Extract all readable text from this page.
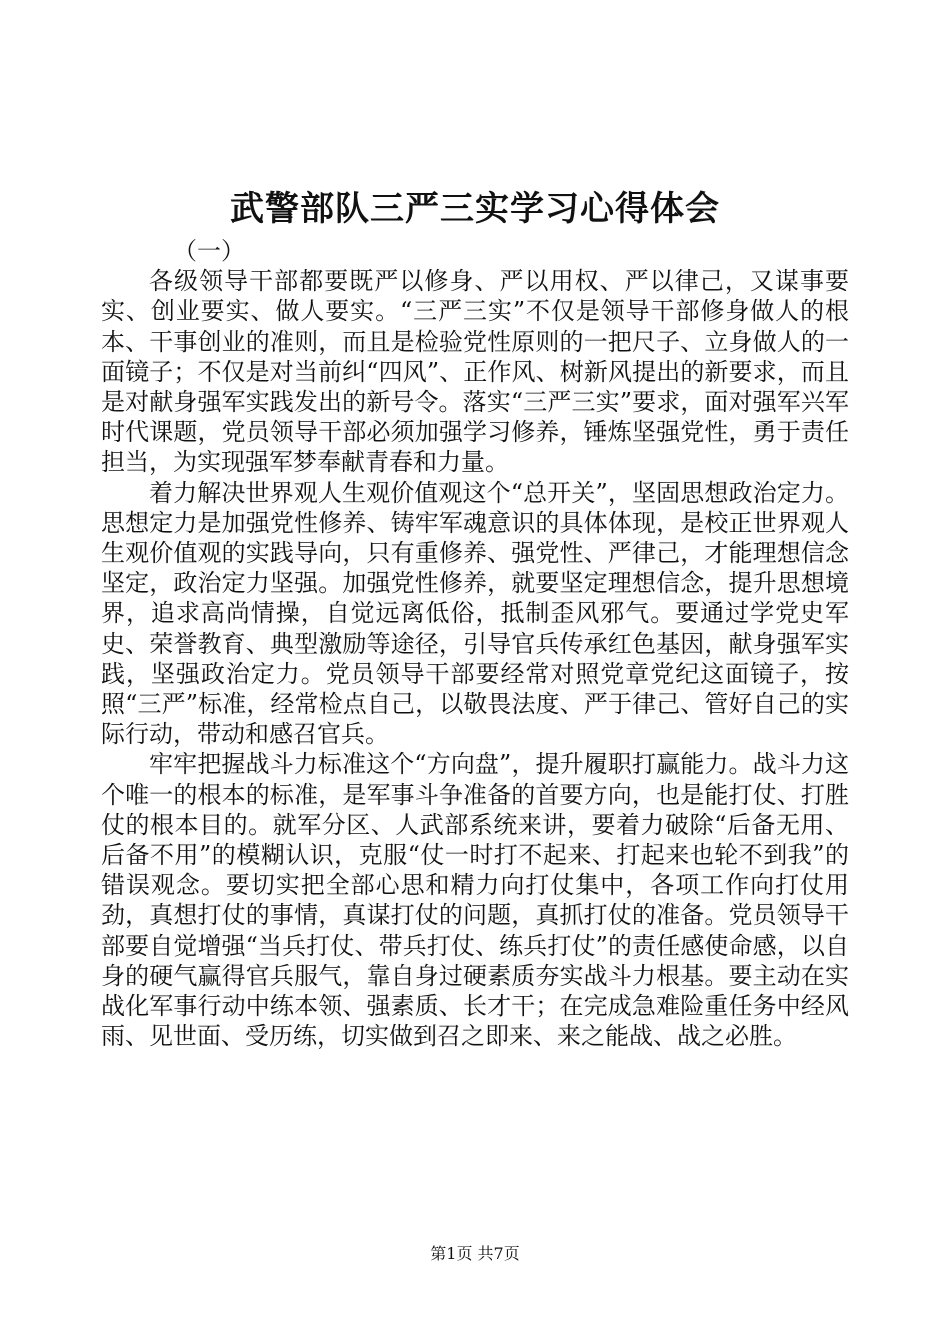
武警部队三严三实学习心得体会

（一）

各级领导干部都要既严以修身、严以用权、严以律己，又谋事要实、创业要实、做人要实。“三严三实”不仅是领导干部修身做人的根本、干事创业的准则，而且是检验党性原则的一把尺子、立身做人的一面镜子；不仅是对当前纠“四风”、正作风、树新风提出的新要求，而且是对献身强军实践发出的新号令。落实“三严三实”要求，面对强军兴军时代课题，党员领导干部必须加强学习修养，锤炼坚强党性，勇于责任担当，为实现强军梦奉献青春和力量。

着力解决世界观人生观价值观这个“总开关”，坚固思想政治定力。思想定力是加强党性修养、铸牢军魂意识的具体体现，是校正世界观人生观价值观的实践导向，只有重修养、强党性、严律己，才能理想信念坚定，政治定力坚强。加强党性修养，就要坚定理想信念，提升思想境界，追求高尚情操，自觉远离低俗，抵制歪风邪气。要通过学党史军史、荣誉教育、典型激励等途径，引导官兵传承红色基因，献身强军实践，坚强政治定力。党员领导干部要经常对照党章党纪这面镜子，按照“三严”标准，经常检点自己，以敬畏法度、严于律己、管好自己的实际行动，带动和感召官兵。

牢牢把握战斗力标准这个“方向盘”，提升履职打赢能力。战斗力这个唯一的根本的标准，是军事斗争准备的首要方向，也是能打仗、打胜仗的根本目的。就军分区、人武部系统来讲，要着力破除“后备无用、后备不用”的模糊认识，克服“仗一时打不起来、打起来也轮不到我”的错误观念。要切实把全部心思和精力向打仗集中，各项工作向打仗用劲，真想打仗的事情，真谋打仗的问题，真抓打仗的准备。党员领导干部要自觉增强“当兵打仗、带兵打仗、练兵打仗”的责任感使命感，以自身的硬气赢得官兵服气，靠自身过硬素质夯实战斗力根基。要主动在实战化军事行动中练本领、强素质、长才干；在完成急难险重任务中经风雨、见世面、受历练，切实做到召之即来、来之能战、战之必胜。

第1页 共7页
